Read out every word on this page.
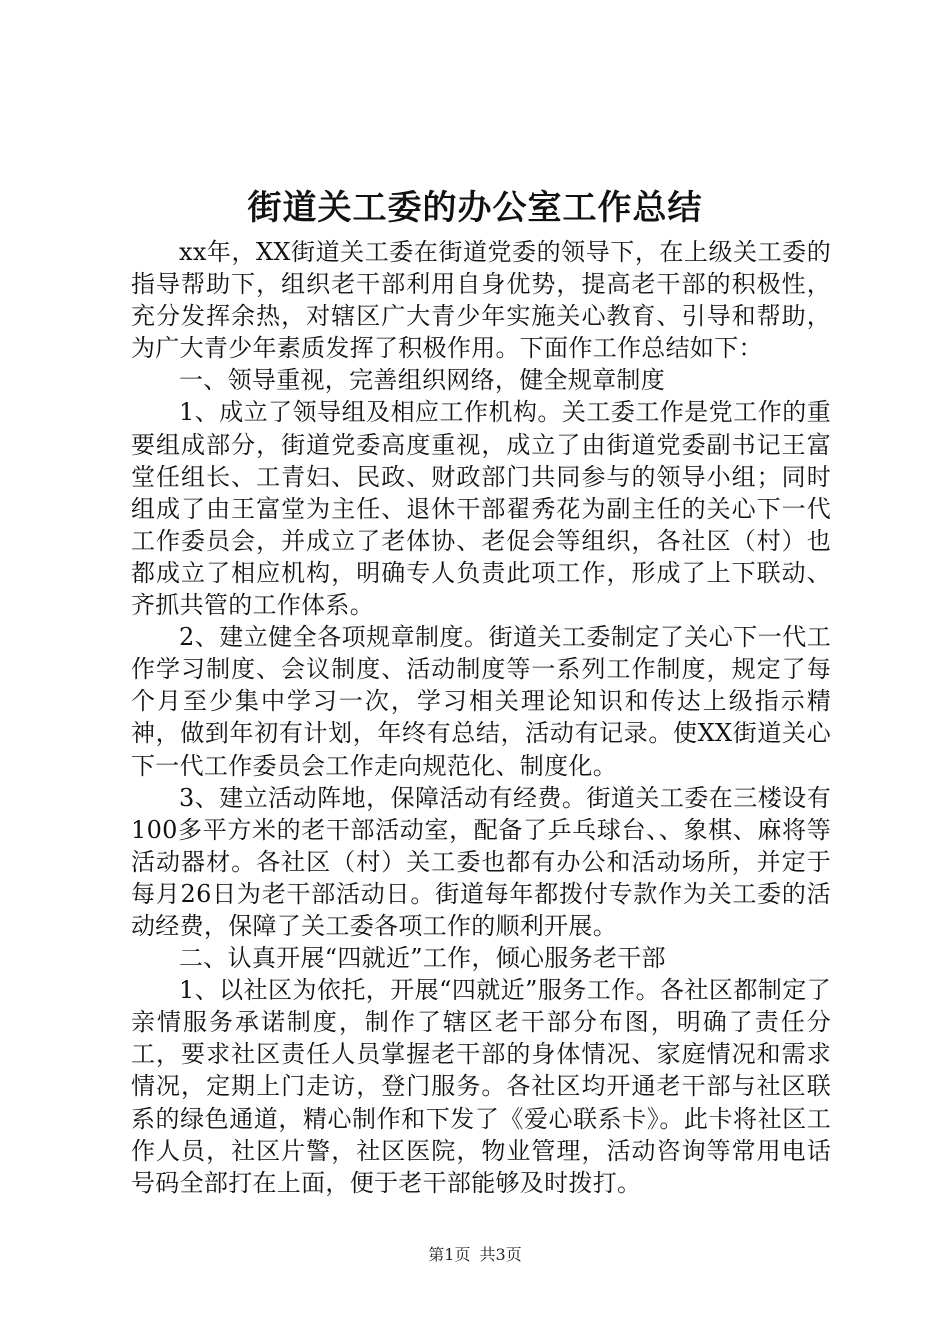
街道关工委的办公室工作总结

xx年，XX街道关工委在街道党委的领导下，在上级关工委的指导帮助下，组织老干部利用自身优势，提高老干部的积极性，充分发挥余热，对辖区广大青少年实施关心教育、引导和帮助，为广大青少年素质发挥了积极作用。下面作工作总结如下：

一、领导重视，完善组织网络，健全规章制度

1、成立了领导组及相应工作机构。关工委工作是党工作的重要组成部分，街道党委高度重视，成立了由街道党委副书记王富堂任组长、工青妇、民政、财政部门共同参与的领导小组；同时组成了由王富堂为主任、退休干部翟秀花为副主任的关心下一代工作委员会，并成立了老体协、老促会等组织，各社区（村）也都成立了相应机构，明确专人负责此项工作，形成了上下联动、齐抓共管的工作体系。

2、建立健全各项规章制度。街道关工委制定了关心下一代工作学习制度、会议制度、活动制度等一系列工作制度，规定了每个月至少集中学习一次，学习相关理论知识和传达上级指示精神，做到年初有计划，年终有总结，活动有记录。使XX街道关心下一代工作委员会工作走向规范化、制度化。

3、建立活动阵地，保障活动有经费。街道关工委在三楼设有100多平方米的老干部活动室，配备了乒乓球台、、象棋、麻将等活动器材。各社区（村）关工委也都有办公和活动场所，并定于每月26日为老干部活动日。街道每年都拨付专款作为关工委的活动经费，保障了关工委各项工作的顺利开展。

二、认真开展“四就近”工作，倾心服务老干部

1、以社区为依托，开展“四就近”服务工作。各社区都制定了亲情服务承诺制度，制作了辖区老干部分布图，明确了责任分工，要求社区责任人员掌握老干部的身体情况、家庭情况和需求情况，定期上门走访，登门服务。各社区均开通老干部与社区联系的绿色通道，精心制作和下发了《爱心联系卡》。此卡将社区工作人员，社区片警，社区医院，物业管理，活动咨询等常用电话号码全部打在上面，便于老干部能够及时拨打。

第1页 共3页
